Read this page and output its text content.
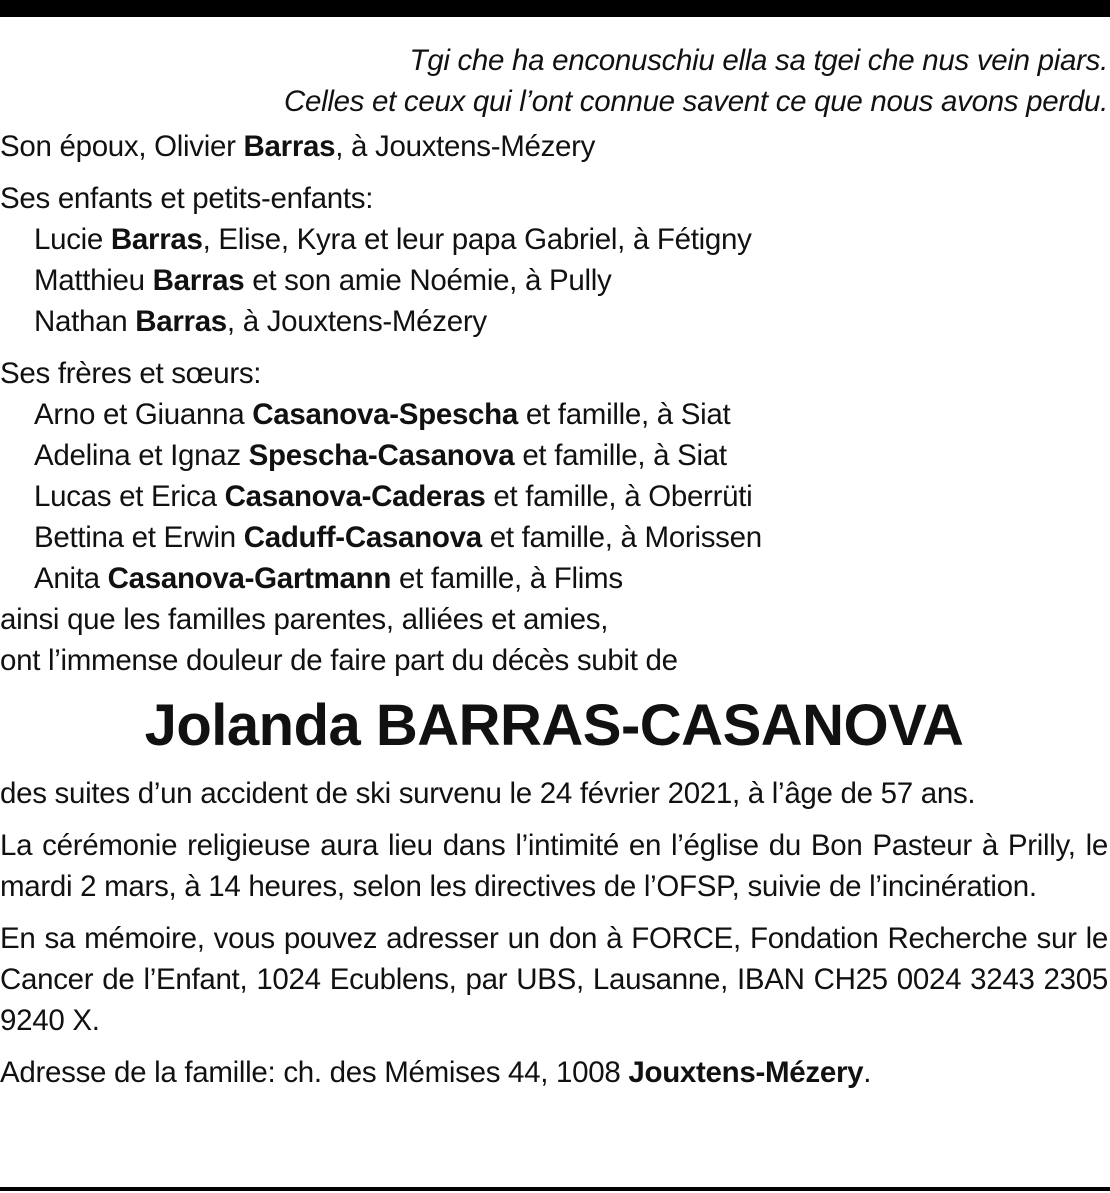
Tgi che ha enconuschiu ella sa tgei che nus vein piars.
Celles et ceux qui l’ont connue savent ce que nous avons perdu.
Son époux, Olivier Barras, à Jouxtens-Mézery
Ses enfants et petits-enfants:
Lucie Barras, Elise, Kyra et leur papa Gabriel, à Fétigny
Matthieu Barras et son amie Noémie, à Pully
Nathan Barras, à Jouxtens-Mézery
Ses frères et sœurs:
Arno et Giuanna Casanova-Spescha et famille, à Siat
Adelina et Ignaz Spescha-Casanova et famille, à Siat
Lucas et Erica Casanova-Caderas et famille, à Oberrüti
Bettina et Erwin Caduff-Casanova et famille, à Morissen
Anita Casanova-Gartmann et famille, à Flims
ainsi que les familles parentes, alliées et amies,
ont l’immense douleur de faire part du décès subit de
Jolanda BARRAS-CASANOVA
des suites d’un accident de ski survenu le 24 février 2021, à l’âge de 57 ans.
La cérémonie religieuse aura lieu dans l’intimité en l’église du Bon Pasteur à Prilly, le mardi 2 mars, à 14 heures, selon les directives de l’OFSP, suivie de l’incinération.
En sa mémoire, vous pouvez adresser un don à FORCE, Fondation Recherche sur le Cancer de l’Enfant, 1024 Ecublens, par UBS, Lausanne, IBAN CH25 0024 3243 2305 9240 X.
Adresse de la famille: ch. des Mémises 44, 1008 Jouxtens-Mézery.
